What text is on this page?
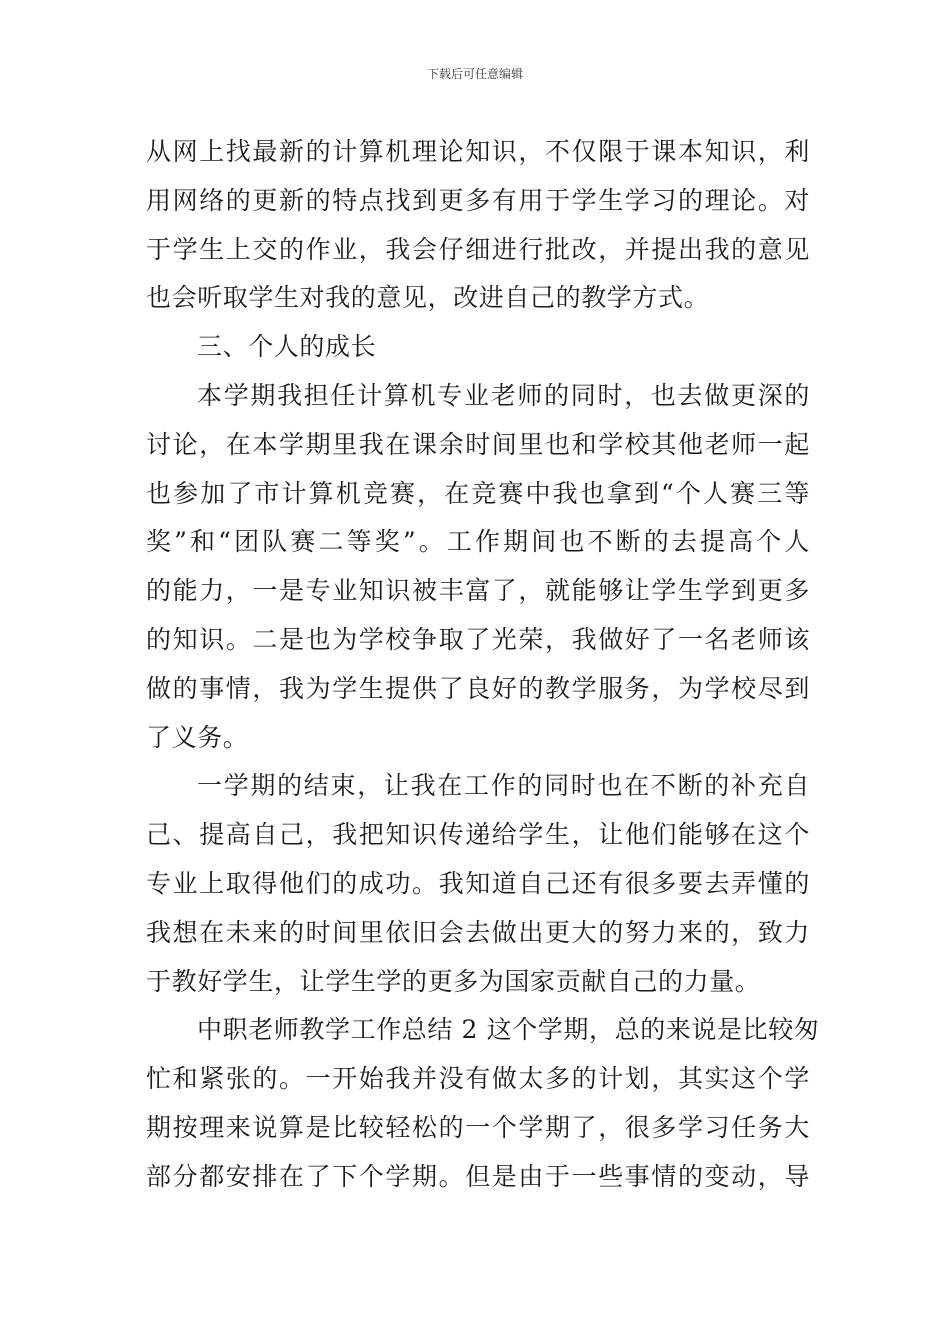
下载后可任意编辑
从网上找最新的计算机理论知识，不仅限于课本知识，利
用网络的更新的特点找到更多有用于学生学习的理论。对
于学生上交的作业，我会仔细进行批改，并提出我的意见
也会听取学生对我的意见，改进自己的教学方式。
三、个人的成长
本学期我担任计算机专业老师的同时，也去做更深的
讨论，在本学期里我在课余时间里也和学校其他老师一起
也参加了市计算机竞赛，在竞赛中我也拿到“个人赛三等
奖”和“团队赛二等奖”。工作期间也不断的去提高个人
的能力，一是专业知识被丰富了，就能够让学生学到更多
的知识。二是也为学校争取了光荣，我做好了一名老师该
做的事情，我为学生提供了良好的教学服务，为学校尽到
了义务。
一学期的结束，让我在工作的同时也在不断的补充自
己、提高自己，我把知识传递给学生，让他们能够在这个
专业上取得他们的成功。我知道自己还有很多要去弄懂的
我想在未来的时间里依旧会去做出更大的努力来的，致力
于教好学生，让学生学的更多为国家贡献自己的力量。
中职老师教学工作总结 2 这个学期，总的来说是比较匆
忙和紧张的。一开始我并没有做太多的计划，其实这个学
期按理来说算是比较轻松的一个学期了，很多学习任务大
部分都安排在了下个学期。但是由于一些事情的变动，导
